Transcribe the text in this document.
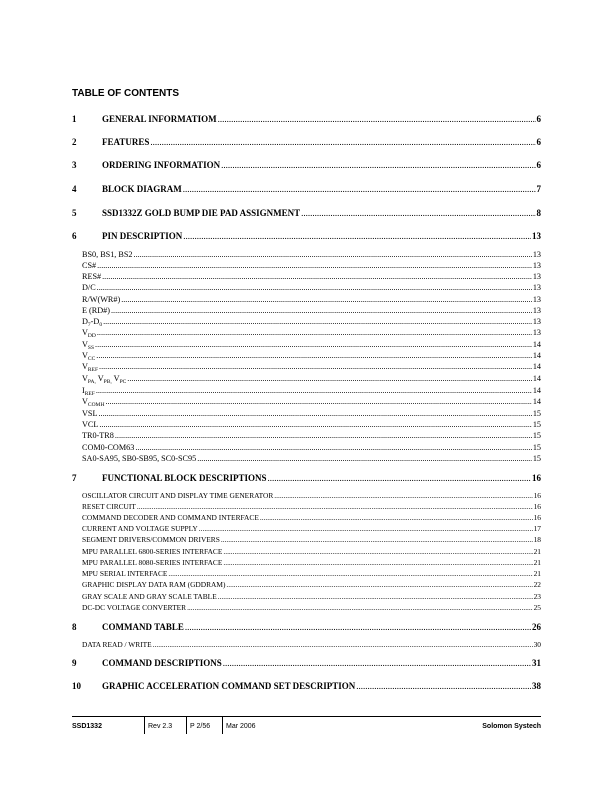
TABLE OF CONTENTS
1	GENERAL INFORMATIOM .....	6
2	FEATURES .....	6
3	ORDERING INFORMATION .....	6
4	BLOCK DIAGRAM .....	7
5	SSD1332Z GOLD BUMP DIE PAD ASSIGNMENT .....	8
6	PIN DESCRIPTION .....	13
BS0, BS1, BS2 .....	13
CS# .....	13
RES# .....	13
D/C .....	13
R/W(WR#) .....	13
E (RD#) .....	13
$D_7-D_0$ .....	13
$V_{DD}$ .....	13
$V_{SS}$ .....	14
$V_{CC}$ .....	14
$V_{REF}$ .....	14
$V_{PA,}$ $V_{PB,}$ $V_{PC}$ .....	14
$I_{REF}$ .....	14
$V_{COMH}$ .....	14
VSL .....	15
VCL .....	15
TR0-TR8 .....	15
COM0-COM63 .....	15
SA0-SA95, SB0-SB95, SC0-SC95 .....	15
7	FUNCTIONAL BLOCK DESCRIPTIONS .....	16
OSCILLATOR CIRCUIT AND DISPLAY TIME GENERATOR .....	16
RESET CIRCUIT .....	16
COMMAND DECODER AND COMMAND INTERFACE .....	16
CURRENT AND VOLTAGE SUPPLY .....	17
SEGMENT DRIVERS/COMMON DRIVERS .....	18
MPU PARALLEL 6800-SERIES INTERFACE .....	21
MPU PARALLEL 8080-SERIES INTERFACE .....	21
MPU SERIAL INTERFACE .....	21
GRAPHIC DISPLAY DATA RAM (GDDRAM) .....	22
GRAY SCALE AND GRAY SCALE TABLE .....	23
DC-DC VOLTAGE CONVERTER .....	25
8	COMMAND TABLE .....	26
DATA READ / WRITE .....	30
9	COMMAND DESCRIPTIONS .....	31
10	GRAPHIC ACCELERATION COMMAND SET DESCRIPTION .....	38
SSD1332	Rev 2.3	P 2/56 Mar 2006	Solomon Systech
